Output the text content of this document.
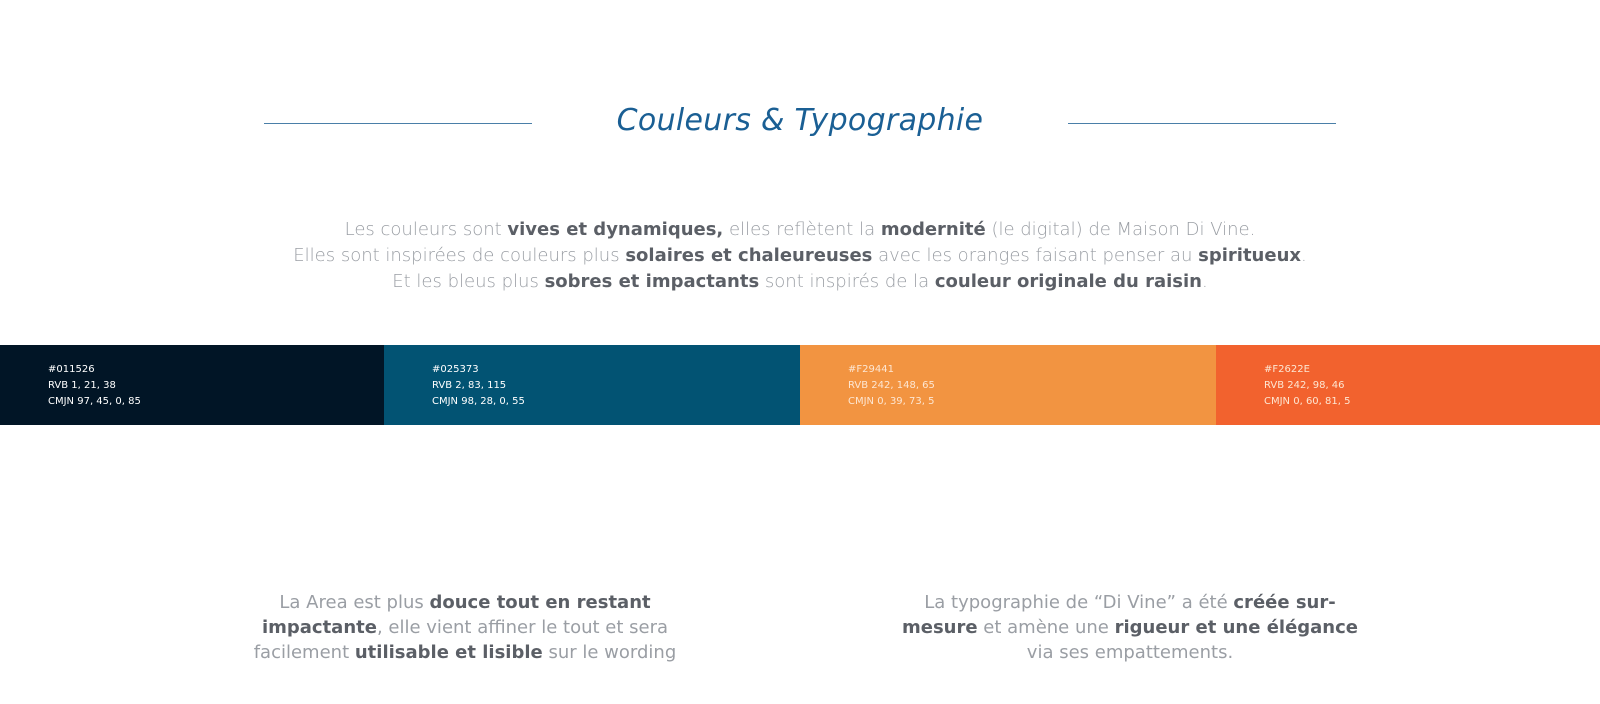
Couleurs & Typographie
Les couleurs sont vives et dynamiques, elles reflètent la modernité (le digital) de Maison Di Vine.
Elles sont inspirées de couleurs plus solaires et chaleureuses avec les oranges faisant penser au spiritueux.
Et les bleus plus sobres et impactants sont inspirés de la couleur originale du raisin.
#011526
RVB 1, 21, 38
CMJN 97, 45, 0, 85
#025373
RVB 2, 83, 115
CMJN 98, 28, 0, 55
#F29441
RVB 242, 148, 65
CMJN 0, 39, 73, 5
#F2622E
RVB 242, 98, 46
CMJN 0, 60, 81, 5
La Area est plus douce tout en restant
impactante, elle vient affiner le tout et sera
facilement utilisable et lisible sur le wording
La typographie de “Di Vine” a été créée sur-
mesure et amène une rigueur et une élégance
via ses empattements.
